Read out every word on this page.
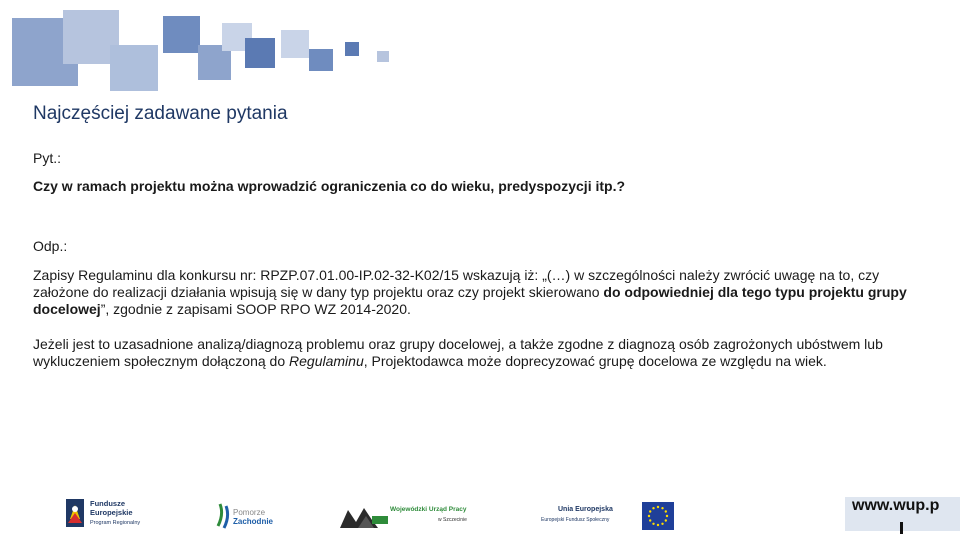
Najczęściej zadawane pytania
Pyt.:
Czy w ramach projektu można wprowadzić ograniczenia co do wieku, predyspozycji itp.?
Odp.:
Zapisy Regulaminu dla konkursu nr: RPZP.07.01.00-IP.02-32-K02/15 wskazują iż: „(…) w szczególności należy zwrócić uwagę na to, czy założone do realizacji działania wpisują się w dany typ projektu oraz czy projekt skierowano do odpowiedniej dla tego typu projektu grupy docelowej”, zgodnie z zapisami SOOP RPO WZ 2014-2020.
Jeżeli jest to uzasadnione analizą/diagnozą problemu oraz grupy docelowej, a także zgodne z diagnozą osób zagrożonych ubóstwem lub wykluczeniem społecznym dołączoną do Regulaminu, Projektodawca może doprecyzować grupę docelowa ze względu na wiek.
Fundusze
Europejskie
Program Regionalny
Pomorze
Zachodnie
Wojewódzki Urząd Pracy
w Szczecinie
Unia Europejska
Europejski Fundusz Społeczny
www.wup.p
